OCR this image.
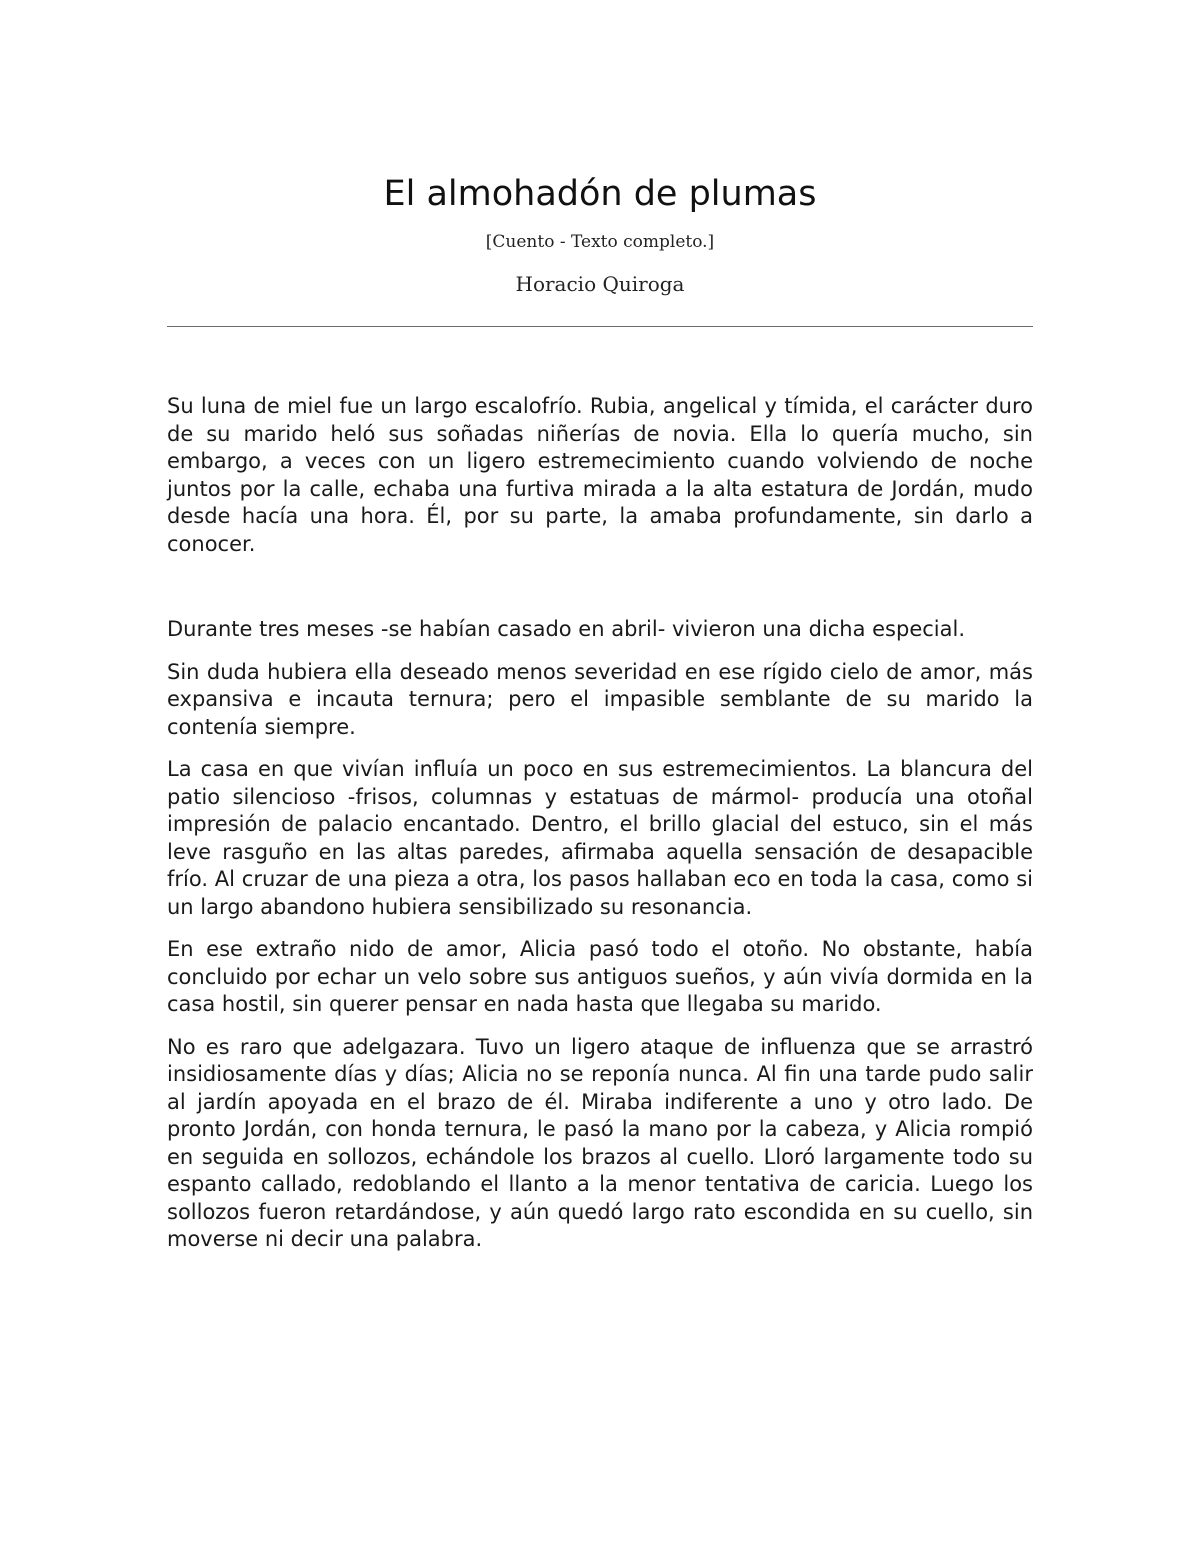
El almohadón de plumas
[Cuento - Texto completo.]
Horacio Quiroga

Su luna de miel fue un largo escalofrío. Rubia, angelical y tímida, el carácter duro de su marido heló sus soñadas niñerías de novia. Ella lo quería mucho, sin embargo, a veces con un ligero estremecimiento cuando volviendo de noche juntos por la calle, echaba una furtiva mirada a la alta estatura de Jordán, mudo desde hacía una hora. Él, por su parte, la amaba profundamente, sin darlo a conocer.

Durante tres meses -se habían casado en abril- vivieron una dicha especial.

Sin duda hubiera ella deseado menos severidad en ese rígido cielo de amor, más expansiva e incauta ternura; pero el impasible semblante de su marido la contenía siempre.

La casa en que vivían influía un poco en sus estremecimientos. La blancura del patio silencioso -frisos, columnas y estatuas de mármol- producía una otoñal impresión de palacio encantado. Dentro, el brillo glacial del estuco, sin el más leve rasguño en las altas paredes, afirmaba aquella sensación de desapacible frío. Al cruzar de una pieza a otra, los pasos hallaban eco en toda la casa, como si un largo abandono hubiera sensibilizado su resonancia.

En ese extraño nido de amor, Alicia pasó todo el otoño. No obstante, había concluido por echar un velo sobre sus antiguos sueños, y aún vivía dormida en la casa hostil, sin querer pensar en nada hasta que llegaba su marido.

No es raro que adelgazara. Tuvo un ligero ataque de influenza que se arrastró insidiosamente días y días; Alicia no se reponía nunca. Al fin una tarde pudo salir al jardín apoyada en el brazo de él. Miraba indiferente a uno y otro lado. De pronto Jordán, con honda ternura, le pasó la mano por la cabeza, y Alicia rompió en seguida en sollozos, echándole los brazos al cuello. Lloró largamente todo su espanto callado, redoblando el llanto a la menor tentativa de caricia. Luego los sollozos fueron retardándose, y aún quedó largo rato escondida en su cuello, sin moverse ni decir una palabra.
